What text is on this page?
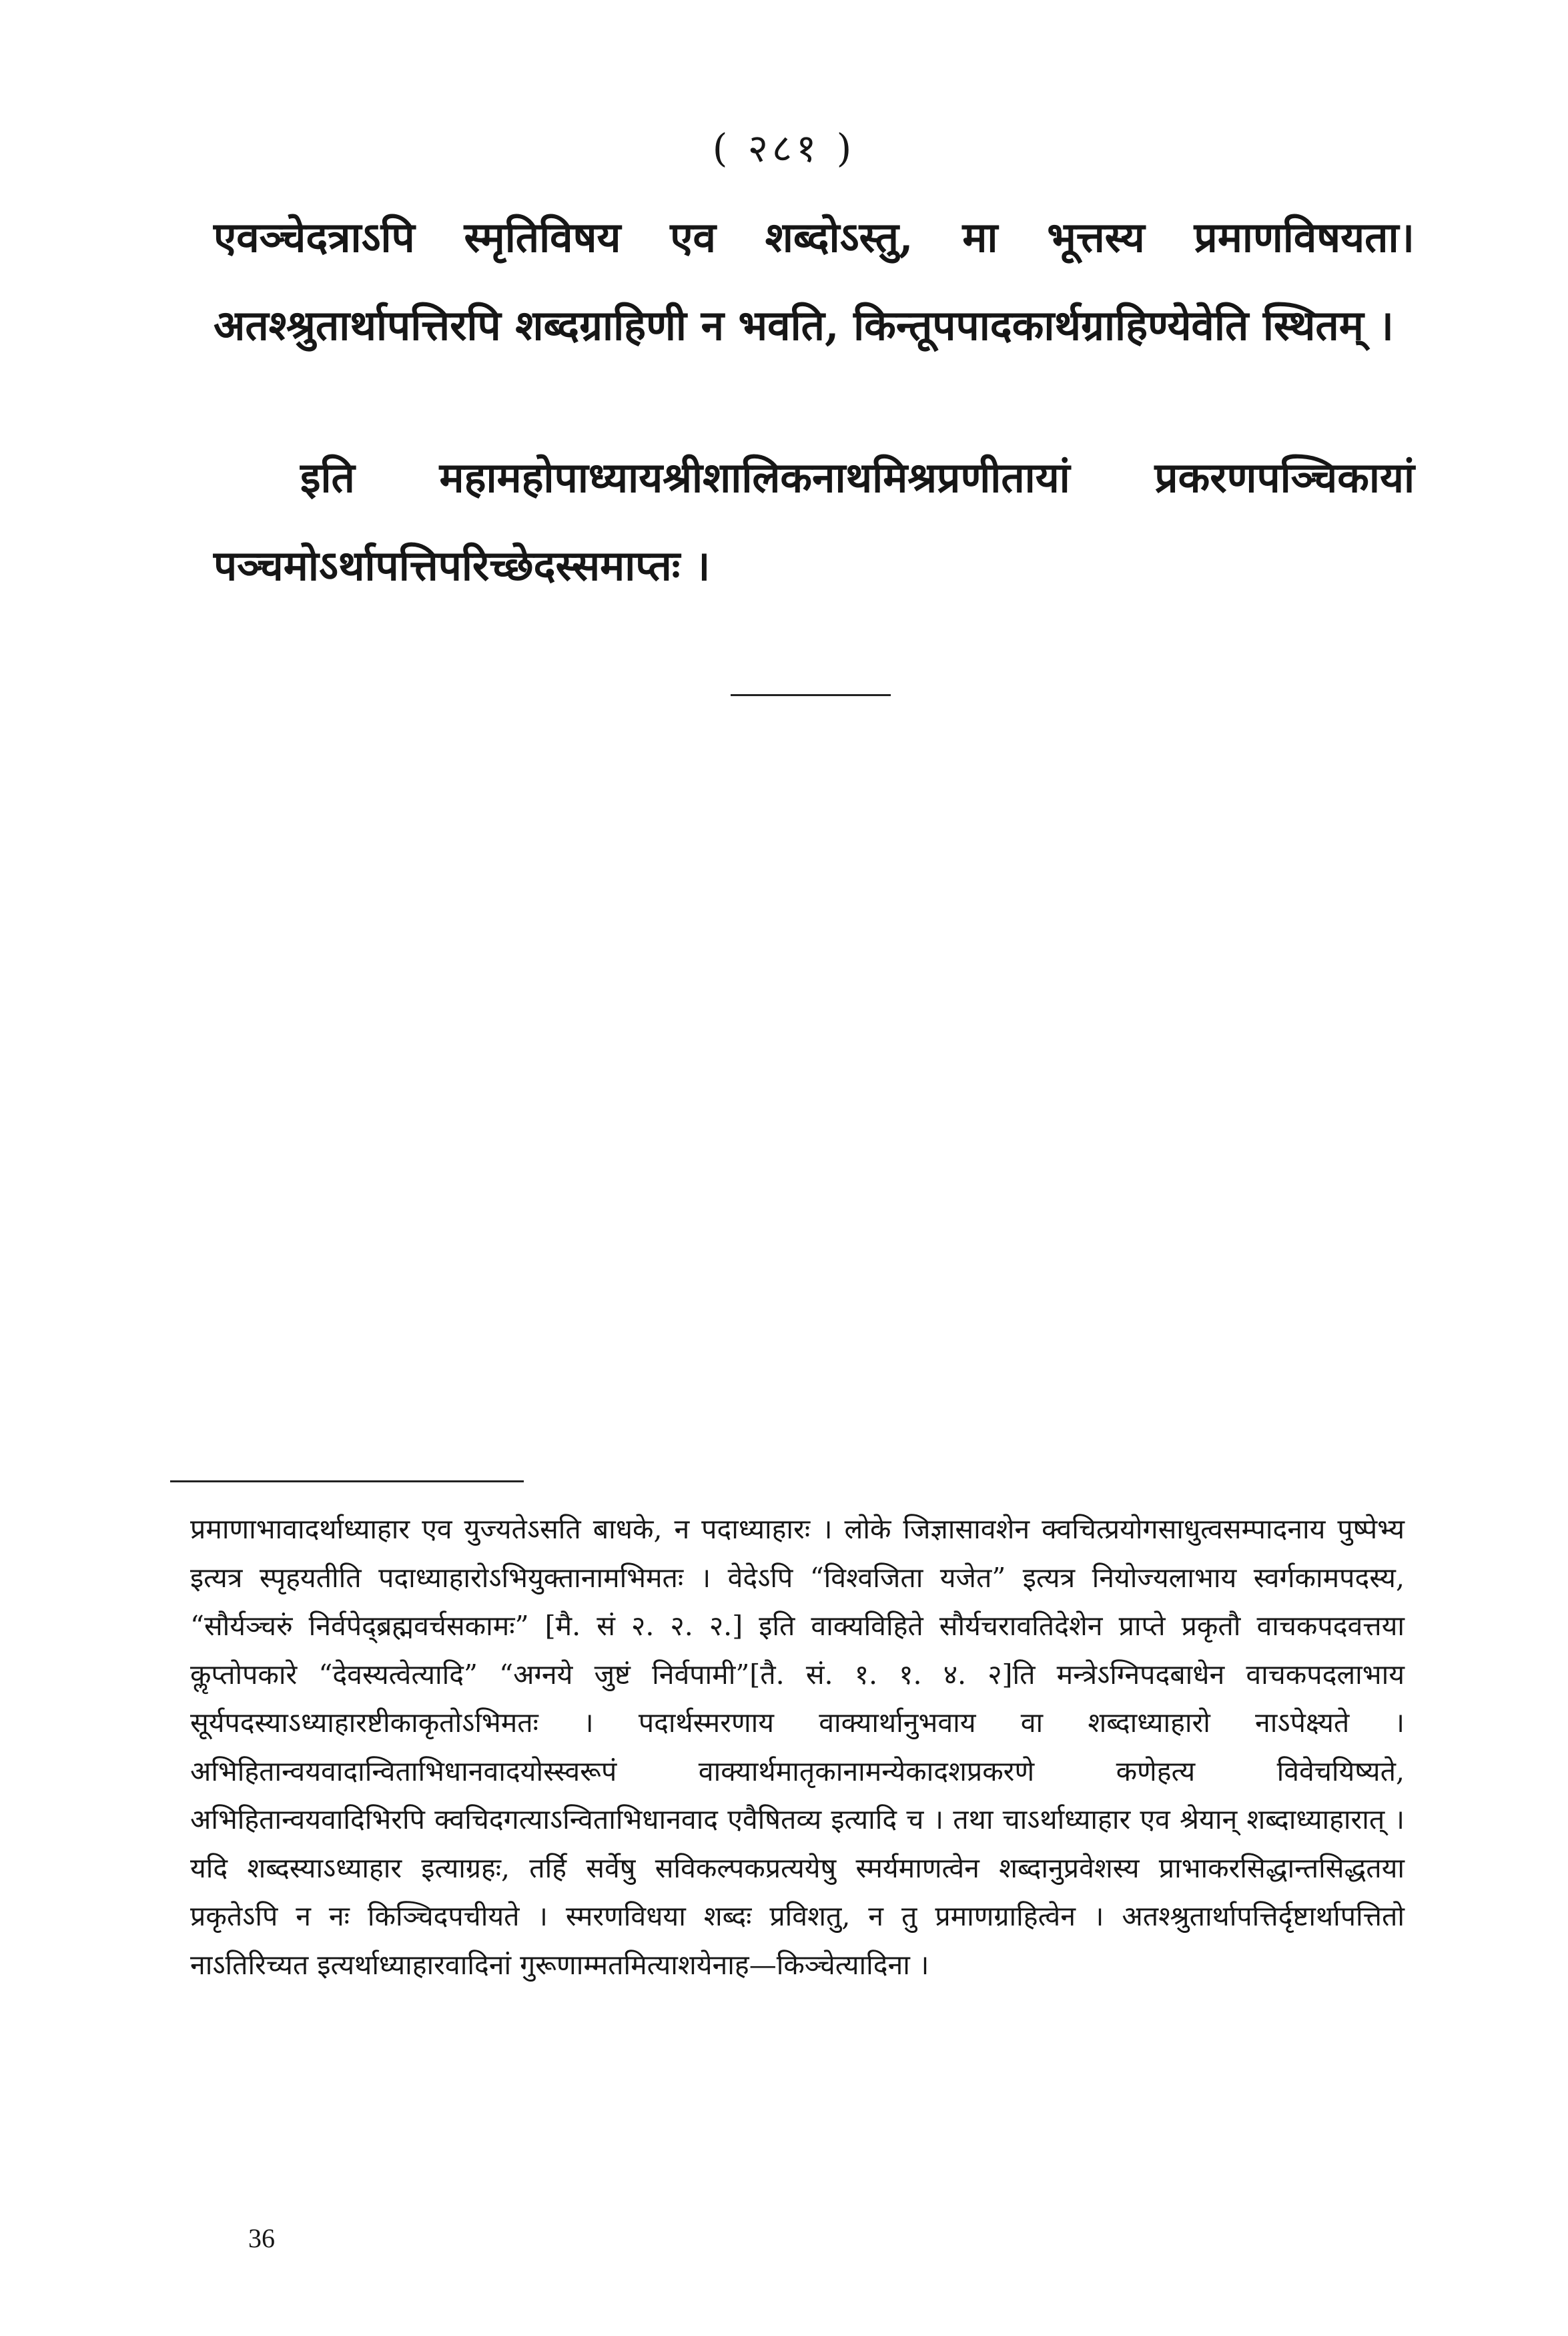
( २८१ )
एवञ्चेदत्राऽपि स्मृतिविषय एव शब्दोऽस्तु, मा भूत्तस्य प्रमाणविषयता। अतश्श्रुतार्थापत्तिरपि शब्दग्राहिणी न भवति, किन्तूपपादकार्थग्राहिण्येवेति स्थितम् ।
इति महामहोपाध्यायश्रीशालिकनाथमिश्रप्रणीतायां प्रकरणपञ्चिकायां पञ्चमोऽर्थापत्तिपरिच्छेदस्समाप्तः ।
प्रमाणाभावादर्थाध्याहार एव युज्यतेऽसति बाधके, न पदाध्याहारः । लोके जिज्ञासावशेन क्वचित्प्रयोगसाधुत्वसम्पादनाय पुष्पेभ्य इत्यत्र स्पृहयतीति पदाध्याहारोऽभियुक्तानामभिमतः । वेदेऽपि “विश्वजिता यजेत” इत्यत्र नियोज्यलाभाय स्वर्गकामपदस्य, “सौर्यञ्चरुं निर्वपेद्ब्रह्मवर्चसकामः” [मै. सं २. २. २.] इति वाक्यविहिते सौर्यचरावतिदेशेन प्राप्ते प्रकृतौ वाचकपदवत्तया कॢप्तोपकारे “देवस्यत्वेत्यादि” “अग्नये जुष्टं निर्वपामी”[तै. सं. १. १. ४. २]ति मन्त्रेऽग्निपदबाधेन वाचकपदलाभाय सूर्यपदस्याऽध्याहारष्टीकाकृतोऽभिमतः । पदार्थस्मरणाय वाक्यार्थानुभवाय वा शब्दाध्याहारो नाऽपेक्ष्यते । अभिहितान्वयवादान्विताभिधानवादयोस्स्वरूपं वाक्यार्थमातृकानामन्येकादशप्रकरणे कणेहत्य विवेचयिष्यते, अभिहितान्वयवादिभिरपि क्वचिदगत्याऽन्विताभिधानवाद एवैषितव्य इत्यादि च । तथा चाऽर्थाध्याहार एव श्रेयान् शब्दाध्याहारात् । यदि शब्दस्याऽध्याहार इत्याग्रहः, तर्हि सर्वेषु सविकल्पकप्रत्ययेषु स्मर्यमाणत्वेन शब्दानुप्रवेशस्य प्राभाकरसिद्धान्तसिद्धतया प्रकृतेऽपि न नः किञ्चिदपचीयते । स्मरणविधया शब्दः प्रविशतु, न तु प्रमाणग्राहित्वेन । अतश्श्रुतार्थापत्तिर्दृष्टार्थापत्तितो नाऽतिरिच्यत इत्यर्थाध्याहारवादिनां गुरूणाम्मतमित्याशयेनाह—किञ्चेत्यादिना ।
36
